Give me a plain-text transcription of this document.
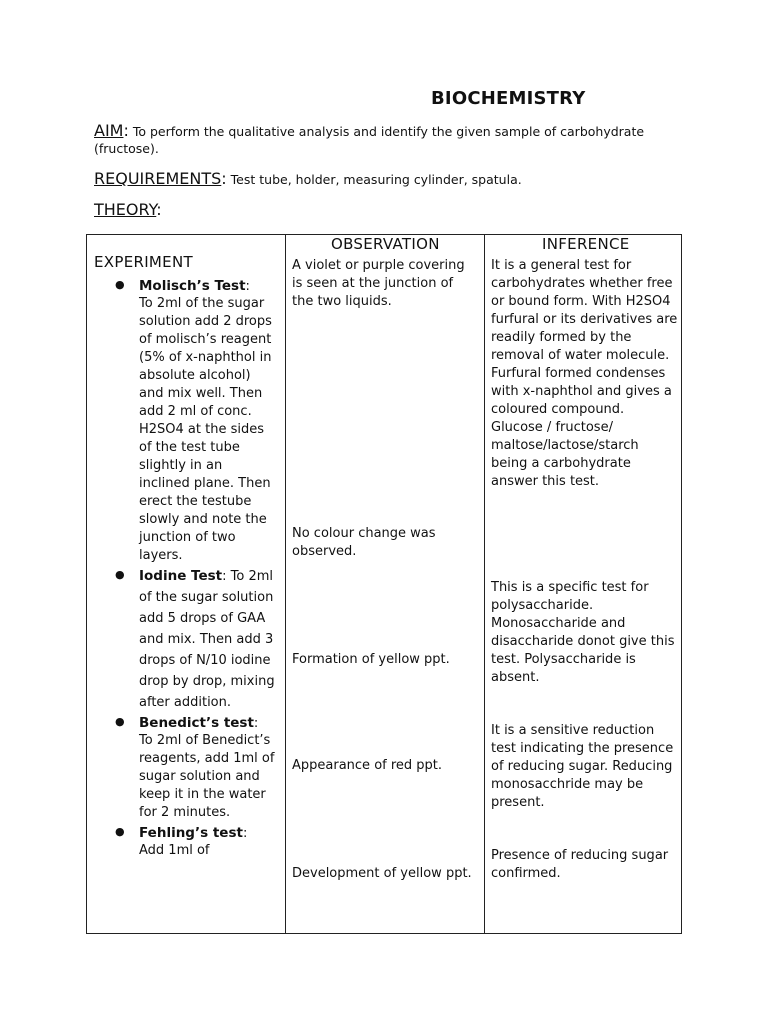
BIOCHEMISTRY
AIM: To perform the qualitative analysis and identify the given sample of carbohydrate (fructose).
REQUIREMENTS: Test tube, holder, measuring cylinder, spatula.
THEORY:
EXPERIMENT
OBSERVATION	INFERENCE
● Molisch’s Test:
To 2ml of the sugar solution add 2 drops of molisch’s reagent (5% of x-naphthol in absolute alcohol) and mix well. Then add 2 ml of conc. H2SO4 at the sides of the test tube slightly in an inclined plane. Then erect the testube slowly and note the junction of two layers.
● Iodine Test: To 2ml of the sugar solution add 5 drops of GAA and mix. Then add 3 drops of N/10 iodine drop by drop, mixing after addition.
● Benedict’s test:
To 2ml of Benedict’s reagents, add 1ml of sugar solution and keep it in the water for 2 minutes.
● Fehling’s test:
Add 1ml of
A violet or purple covering is seen at the junction of the two liquids.
No colour change was observed.
Formation of yellow ppt.
Appearance of red ppt.
Development of yellow ppt.
It is a general test for carbohydrates whether free or bound form. With H2SO4 furfural or its derivatives are readily formed by the removal of water molecule. Furfural formed condenses with x-naphthol and gives a coloured compound. Glucose / fructose/ maltose/lactose/starch being a carbohydrate answer this test.
This is a specific test for polysaccharide. Monosaccharide and disaccharide donot give this test. Polysaccharide is absent.
It is a sensitive reduction test indicating the presence of reducing sugar. Reducing monosacchride may be present.
Presence of reducing sugar confirmed.
